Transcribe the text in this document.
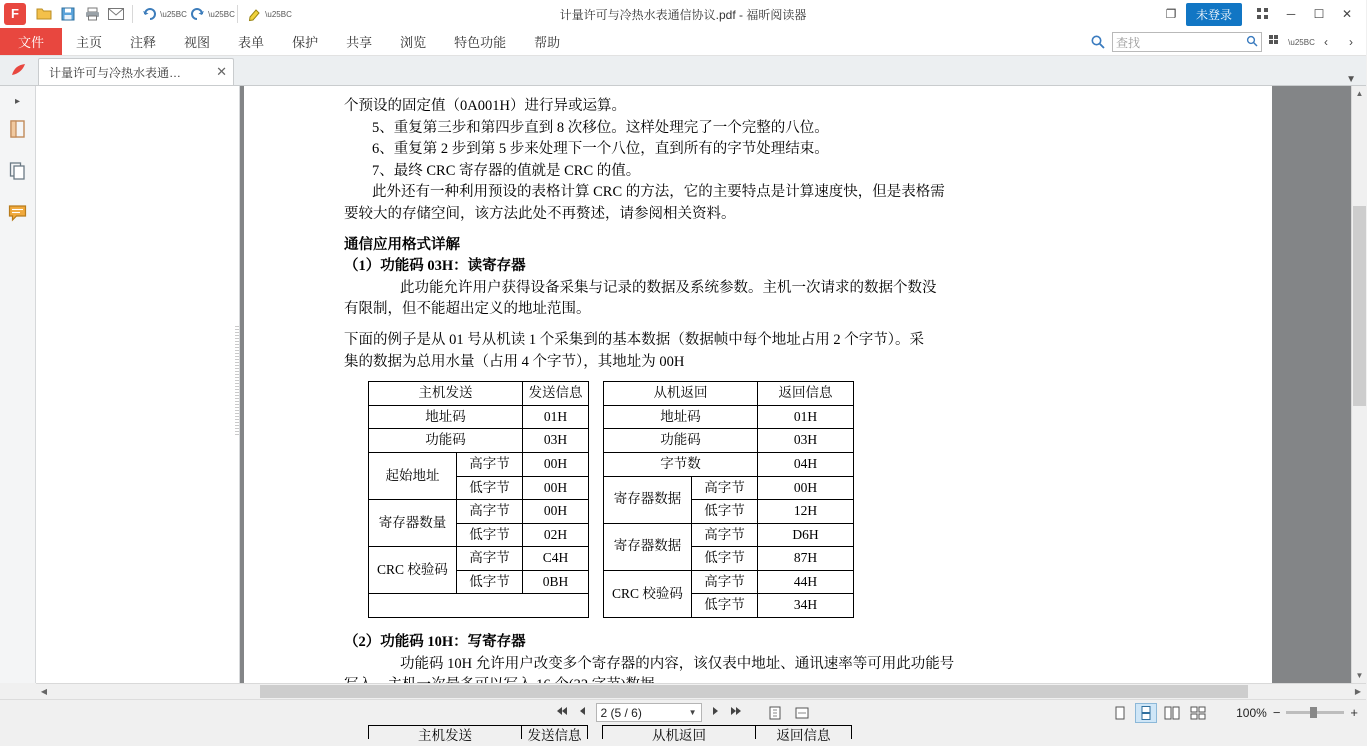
F	\u25BC	\u25BC	\u25BC	计量许可与冷热水表通信协议.pdf - 福昕阅读器	❐	未登录	─	☐	✕
文件	主页	注释	视图	表单	保护	共享	浏览	特色功能	帮助	查找	\u25BC ‹	›
计量许可与冷热水表通…	✕
▼
▸	个预设的固定值（0A001H）进行异或运算。
5、重复第三步和第四步直到 8 次移位。这样处理完了一个完整的八位。
6、重复第 2 步到第 5 步来处理下一个八位，直到所有的字节处理结束。
7、最终 CRC 寄存器的值就是 CRC 的值。
此外还有一种利用预设的表格计算 CRC 的方法，它的主要特点是计算速度快，但是表格需
要较大的存储空间，该方法此处不再赘述，请参阅相关资料。
通信应用格式详解
（1）功能码 03H：读寄存器
此功能允许用户获得设备采集与记录的数据及系统参数。主机一次请求的数据个数没
有限制，但不能超出定义的地址范围。
下面的例子是从 01 号从机读 1 个采集到的基本数据（数据帧中每个地址占用 2 个字节）。采
集的数据为总用水量（占用 4 个字节），其地址为 00H
主机发送		发送信息
地址码		01H
功能码		03H
起始地址	高字节	00H
	低字节	00H
寄存器数量	高字节	00H
	低字节	02H
CRC 校验码	高字节	C4H
	低字节	0BH

从机返回		返回信息
地址码		01H
功能码		03H
字节数		04H
寄存器数据	高字节	00H
	低字节	12H
寄存器数据	高字节	D6H
	低字节	87H
CRC 校验码	高字节	44H
	低字节	34H
（2）功能码 10H：写寄存器
功能码 10H 允许用户改变多个寄存器的内容，该仅表中地址、通讯速率等可用此功能号
主机发送	发送信息	从机返回	返回信息
▲
▼
◀	▶
2 (5 / 6)	▼	100% −	+
